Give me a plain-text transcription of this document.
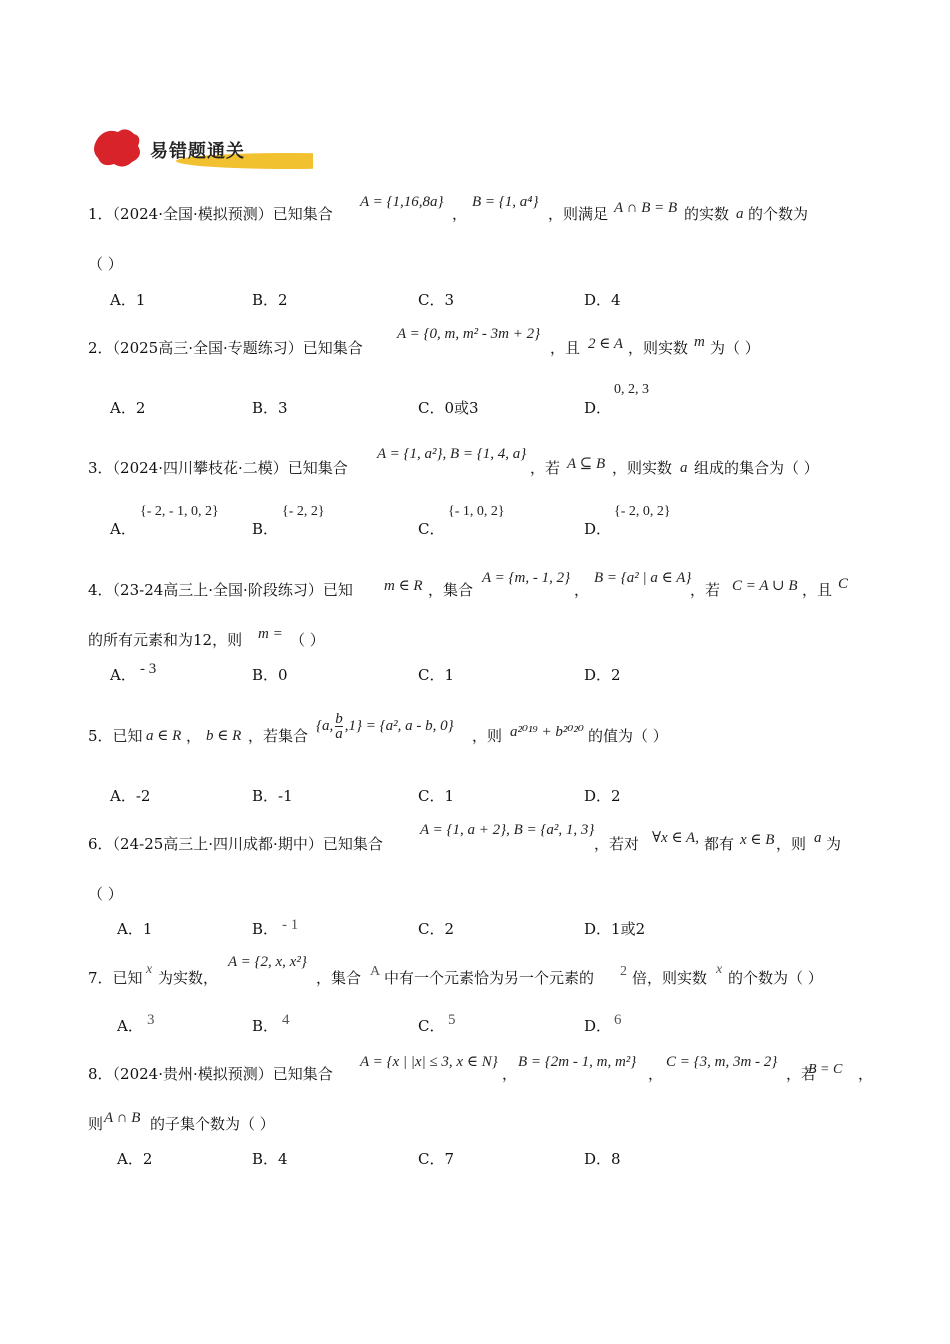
易错题通关
1．（2024·全国·模拟预测）已知集合
A = {1,16,8a}
，
B = {1, a⁴}
，则满足 A ∩ B = B 的实数 a 的个数为
（ ）
A．1	B．2	C．3	D．4
2．（2025高三·全国·专题练习）已知集合
A = {0, m, m² - 3m + 2}
，且 2 ∈ A ，则实数 m 为（ ）
A．2	B．3	C．0或3	D．
0, 2, 3
3．（2024·四川攀枝花·二模）已知集合
A = {1, a²}, B = {1, 4, a}
，若 A ⊆ B ，则实数 a 组成的集合为（ ）
A．
{- 2, - 1, 0, 2}
B．
{- 2, 2}
C．
{- 1, 0, 2}
D．
{- 2, 0, 2}
4．（23-24高三上·全国·阶段练习）已知 m ∈ R ，集合
A = {m, - 1, 2}
，
B = {a² | a ∈ A}
，若 C = A ∪ B ，且 C
的所有元素和为12，则 m = （ ）
A． - 3	B．0	C．1	D．2
5．已知 a ∈ R ， b ∈ R ，若集合
{a, $\frac{b}{a} ,1\} = \{a^2$, a - b, 0}
，则 a²⁰¹⁹ + b²⁰²⁰ 的值为（ ）
A．-2	B．-1	C．1	D．2
6．（24-25高三上·四川成都·期中）已知集合
A = {1, a + 2}, B = {a², 1, 3}
，若对 ∀x ∈ A, 都有 x ∈ B ，则 a 为
（ ）
A．1	B． - 1	C．2	D．1或2
7．已知 x 为实数，
A = {2, x, x²}
，集合 A 中有一个元素恰为另一个元素的 2 倍，则实数 x 的个数为（ ）
A． 3	B． 4	C． 5	D． 6
8．（2024·贵州·模拟预测）已知集合
A = {x | |x| ≤ 3, x ∈ N}
，
B = {2m - 1, m, m²}
，
C = {3, m, 3m - 2}
，若
B = C ，
则 A ∩ B 的子集个数为（ ）
A．2	B．4	C．7	D．8
